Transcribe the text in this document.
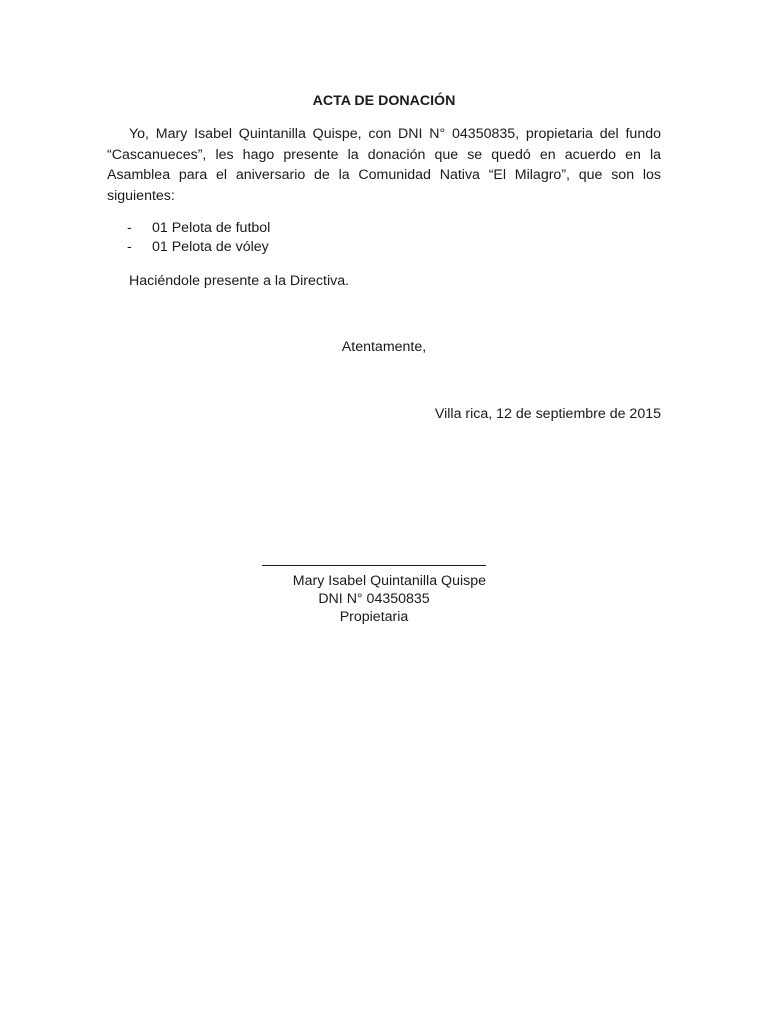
ACTA DE DONACIÓN

Yo, Mary Isabel Quintanilla Quispe, con DNI N° 04350835, propietaria del fundo “Cascanueces”, les hago presente la donación que se quedó en acuerdo en la Asamblea para el aniversario de la Comunidad Nativa “El Milagro”, que son los siguientes:

- 01 Pelota de futbol
- 01 Pelota de vóley
Haciéndole presente a la Directiva.
Atentamente,
Villa rica, 12 de septiembre de 2015
Mary Isabel Quintanilla Quispe
DNI N° 04350835
Propietaria
